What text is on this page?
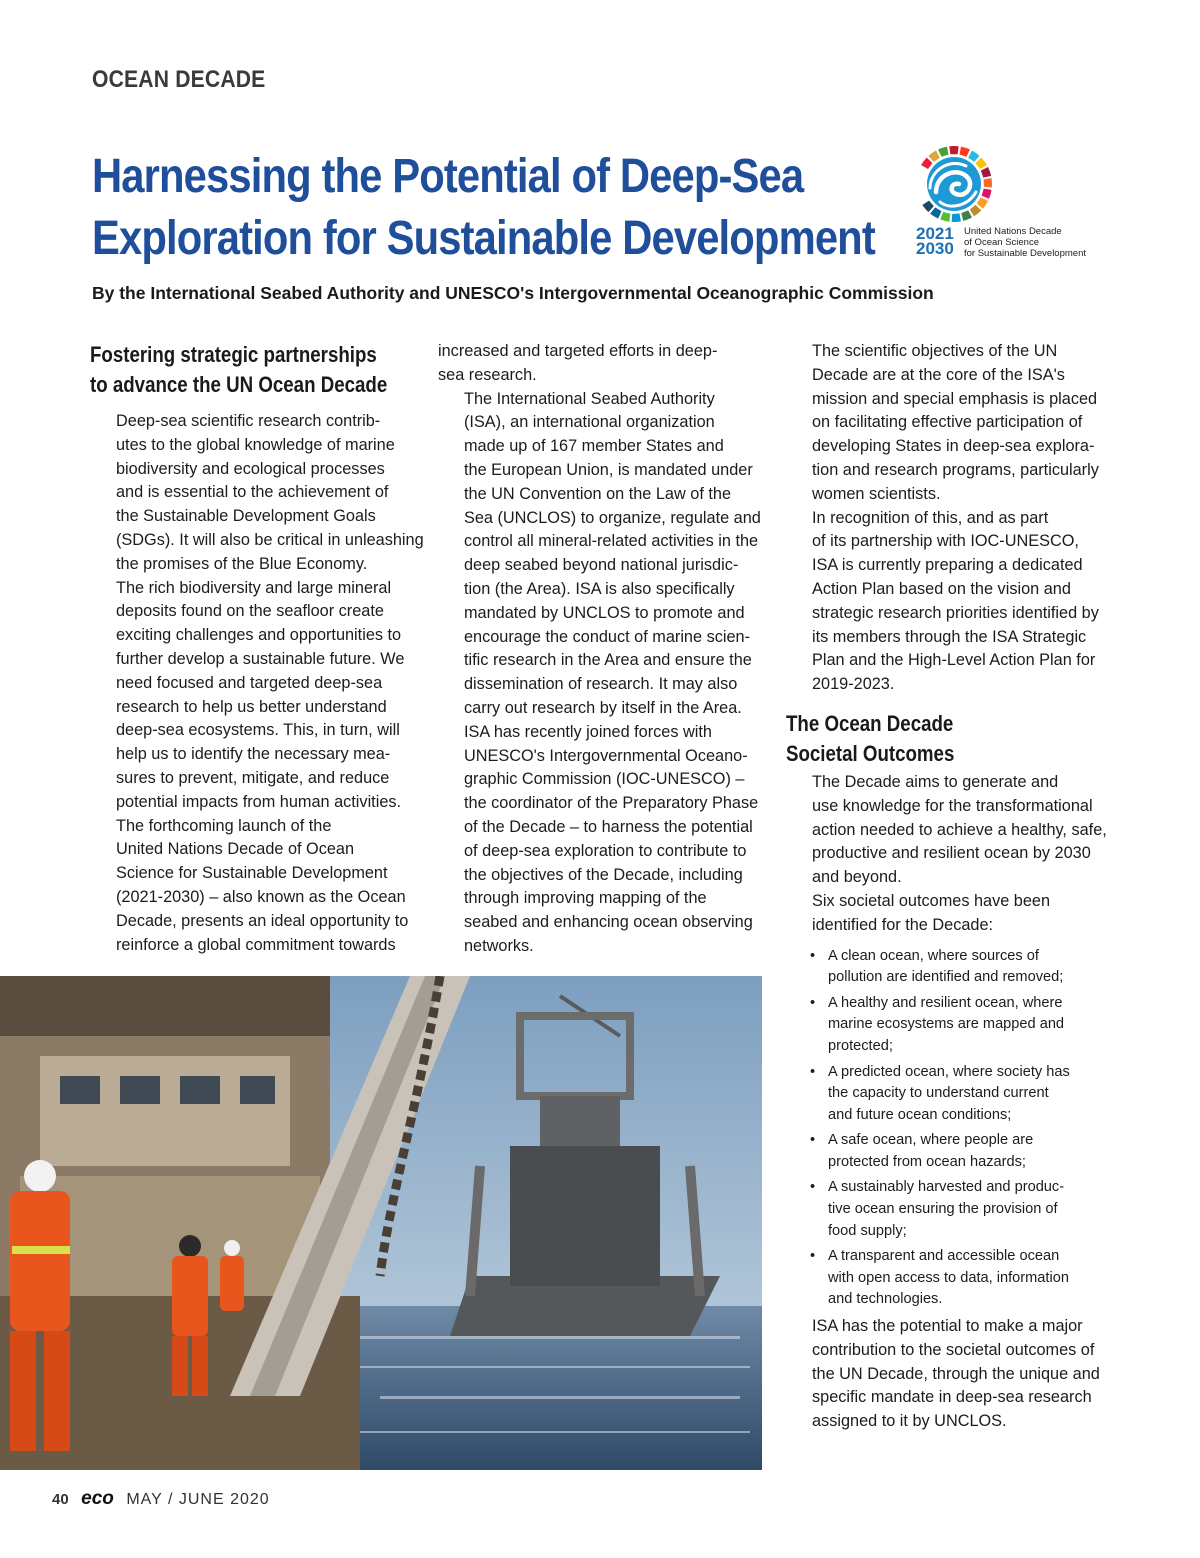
OCEAN DECADE
Harnessing the Potential of Deep-Sea
Exploration for Sustainable Development 2021
2030
United Nations Decade
of Ocean Science
for Sustainable Development

By the International Seabed Authority and UNESCO's Intergovernmental Oceanographic Commission

Fostering strategic partnerships
to advance the UN Ocean Decade

Deep-sea scientific research contrib-
utes to the global knowledge of marine
biodiversity and ecological processes
and is essential to the achievement of
the Sustainable Development Goals
(SDGs). It will also be critical in unleashing
the promises of the Blue Economy.

The rich biodiversity and large mineral
deposits found on the seafloor create
exciting challenges and opportunities to
further develop a sustainable future. We
need focused and targeted deep-sea
research to help us better understand
deep-sea ecosystems. This, in turn, will
help us to identify the necessary mea-
sures to prevent, mitigate, and reduce
potential impacts from human activities.

The forthcoming launch of the
United Nations Decade of Ocean
Science for Sustainable Development
(2021-2030) – also known as the Ocean
Decade, presents an ideal opportunity to
reinforce a global commitment towards

increased and targeted efforts in deep-
sea research.

The International Seabed Authority
(ISA), an international organization
made up of 167 member States and
the European Union, is mandated under
the UN Convention on the Law of the
Sea (UNCLOS) to organize, regulate and
control all mineral-related activities in the
deep seabed beyond national jurisdic-
tion (the Area). ISA is also specifically
mandated by UNCLOS to promote and
encourage the conduct of marine scien-
tific research in the Area and ensure the
dissemination of research. It may also
carry out research by itself in the Area.

ISA has recently joined forces with
UNESCO's Intergovernmental Oceano-
graphic Commission (IOC-UNESCO) –
the coordinator of the Preparatory Phase
of the Decade – to harness the potential
of deep-sea exploration to contribute to
the objectives of the Decade, including
through improving mapping of the
seabed and enhancing ocean observing
networks.

The scientific objectives of the UN
Decade are at the core of the ISA's
mission and special emphasis is placed
on facilitating effective participation of
developing States in deep-sea explora-
tion and research programs, particularly
women scientists.

In recognition of this, and as part
of its partnership with IOC-UNESCO,
ISA is currently preparing a dedicated
Action Plan based on the vision and
strategic research priorities identified by
its members through the ISA Strategic
Plan and the High-Level Action Plan for
2019-2023.

The Ocean Decade
Societal Outcomes

The Decade aims to generate and
use knowledge for the transformational
action needed to achieve a healthy, safe,
productive and resilient ocean by 2030
and beyond.

Six societal outcomes have been
identified for the Decade:

• A clean ocean, where sources of
pollution are identified and removed;
• A healthy and resilient ocean, where
marine ecosystems are mapped and
protected;
• A predicted ocean, where society has
the capacity to understand current
and future ocean conditions;
• A safe ocean, where people are
protected from ocean hazards;
• A sustainably harvested and produc-
tive ocean ensuring the provision of
food supply;
• A transparent and accessible ocean
with open access to data, information
and technologies.

ISA has the potential to make a major
contribution to the societal outcomes of
the UN Decade, through the unique and
specific mandate in deep-sea research
assigned to it by UNCLOS.

40 eco MAY / JUNE 2020
